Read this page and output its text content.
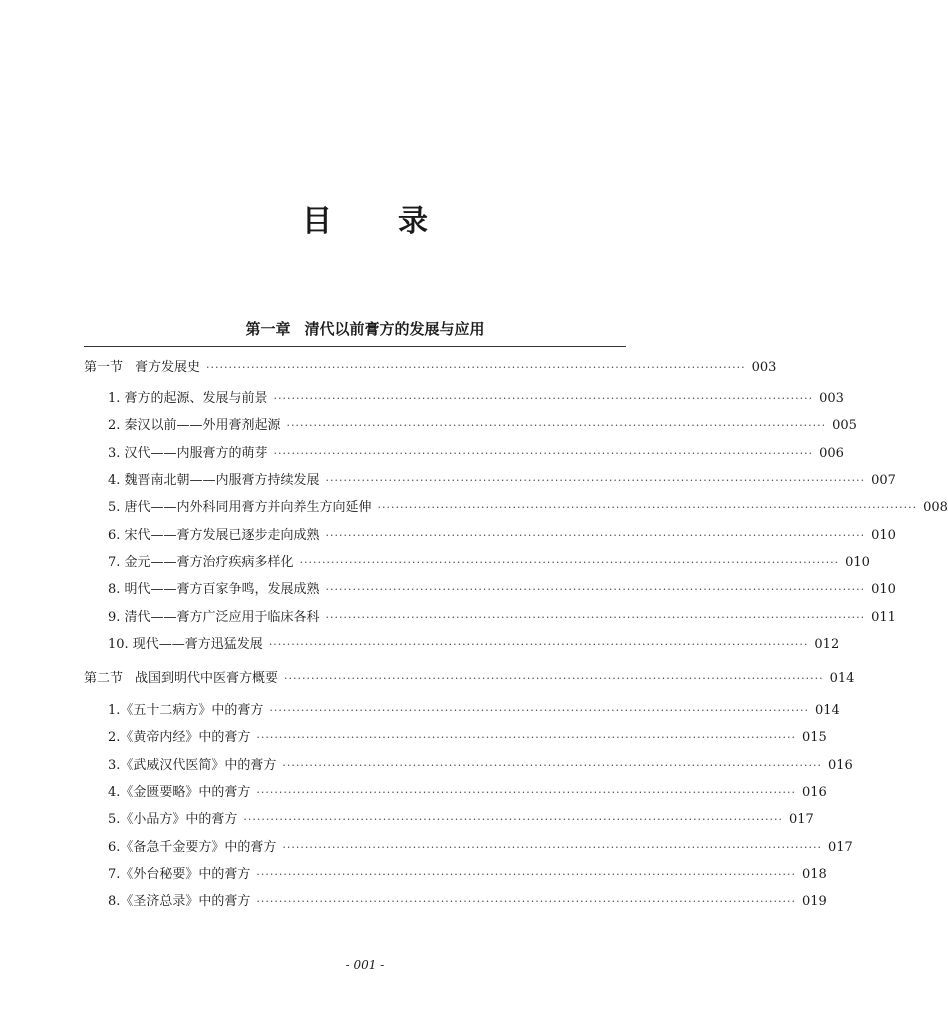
目　录
第一章 清代以前膏方的发展与应用
第一节 膏方发展史 ························································································································ 003
1. 膏方的起源、发展与前景 ························································································································ 003
2. 秦汉以前——外用膏剂起源 ························································································································ 005
3. 汉代——内服膏方的萌芽 ························································································································ 006
4. 魏晋南北朝——内服膏方持续发展 ························································································································ 007
5. 唐代——内外科同用膏方并向养生方向延伸 ························································································································ 008
6. 宋代——膏方发展已逐步走向成熟 ························································································································ 010
7. 金元——膏方治疗疾病多样化 ························································································································ 010
8. 明代——膏方百家争鸣，发展成熟 ························································································································ 010
9. 清代——膏方广泛应用于临床各科 ························································································································ 011
10. 现代——膏方迅猛发展 ························································································································ 012
第二节 战国到明代中医膏方概要 ························································································································ 014
1.《五十二病方》中的膏方 ························································································································ 014
2.《黄帝内经》中的膏方 ························································································································ 015
3.《武威汉代医简》中的膏方 ························································································································ 016
4.《金匮要略》中的膏方 ························································································································ 016
5.《小品方》中的膏方 ························································································································ 017
6.《备急千金要方》中的膏方 ························································································································ 017
7.《外台秘要》中的膏方 ························································································································ 018
8.《圣济总录》中的膏方 ························································································································ 019
- 001 -
